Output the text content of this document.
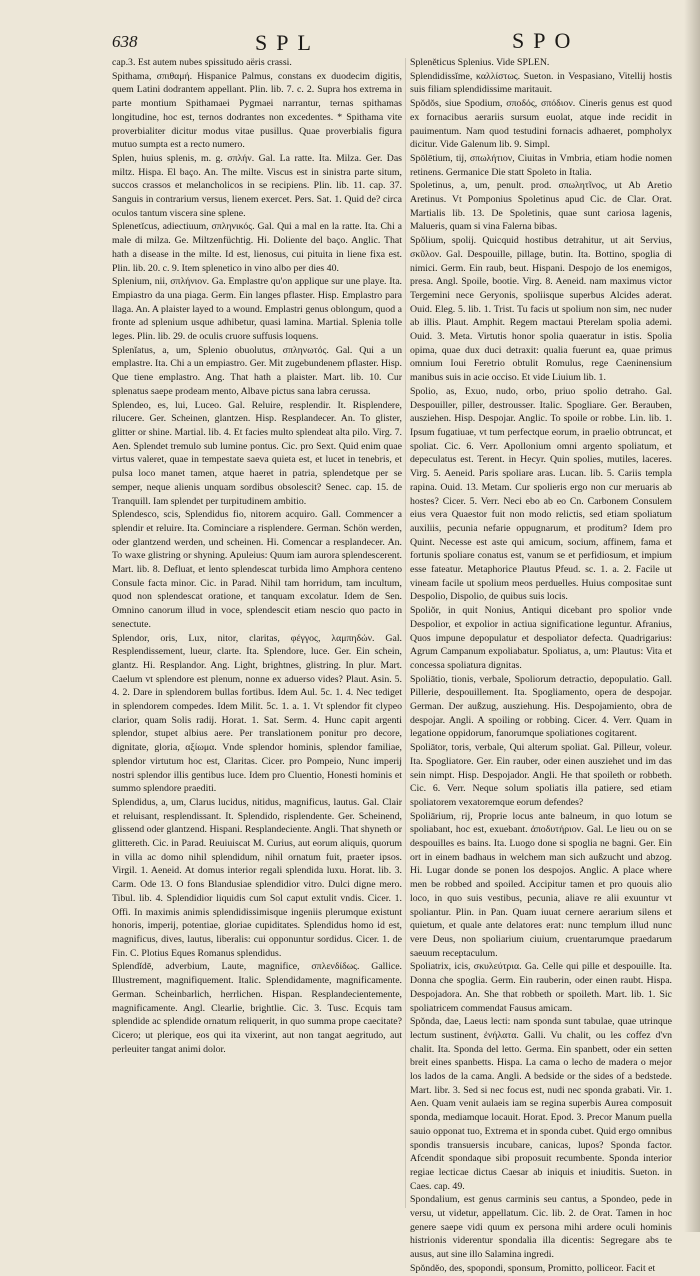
638	SPL	SPO

cap.3. Est autem nubes spissitudo aëris crassi.

Spithama, σπιθαμή. Hispanice Palmus, constans ex duodecim digitis, quem Latini dodrantem appellant. Plin. lib. 7. c. 2. Supra hos extrema in parte montium Spithamaei Pygmaei narrantur, ternas spithamas longitudine, hoc est, ternos dodrantes non excedentes. * Spithama vite proverbialiter dicitur modus vitae pusillus. Quae proverbialis figura mutuo sumpta est a recto numero.

Splen, huius splenis, m. g. σπλήν. Gal. La ratte. Ita. Milza. Ger. Das miltz. Hispa. El baço. An. The milte. Viscus est in sinistra parte situm, succos crassos et melancholicos in se recipiens. Plin. lib. 11. cap. 37. Sanguis in contrarium versus, lienem exercet. Pers. Sat. 1. Quid de? circa oculos tantum viscera sine splene.

Splenetĭcus, adiectiuum, σπληνικός. Gal. Qui a mal en la ratte. Ita. Chi a male di milza. Ge. Miltzenfüchtig. Hi. Doliente del baço. Anglic. That hath a disease in the milte. Id est, lienosus, cui pituita in liene fixa est. Plin. lib. 20. c. 9. Item splenetico in vino albo per dies 40.

Splenium, nii, σπλήνιον. Ga. Emplastre qu'on applique sur une playe. Ita. Empiastro da una piaga. Germ. Ein langes pflaster. Hisp. Emplastro para llaga. An. A plaister layed to a wound. Emplastri genus oblongum, quod a fronte ad splenium usque adhibetur, quasi lamina. Martial. Splenia tolle leges. Plin. lib. 29. de oculis cruore suffusis loquens.

Splenĭatus, a, um, Splenio obuolutus, σπληνωτός. Gal. Qui a un emplastre. Ita. Chi a un empiastro. Ger. Mit zugebundenem pflaster. Hisp. Que tiene emplastro. Ang. That hath a plaister. Mart. lib. 10. Cur splenatus saepe prodeam mento, Albave pictus sana labra cerussa.

Splendeo, es, lui, Luceo. Gal. Reluire, resplendir. It. Risplendere, rilucere. Ger. Scheinen, glantzen. Hisp. Resplandecer. An. To glister, glitter or shine. Martial. lib. 4. Et facies multo splendeat alta pilo. Virg. 7. Aen. Splendet tremulo sub lumine pontus. Cic. pro Sext. Quid enim quae virtus valeret, quae in tempestate saeva quieta est, et lucet in tenebris, et pulsa loco manet tamen, atque haeret in patria, splendetque per se semper, neque alienis unquam sordibus obsolescit? Senec. cap. 15. de Tranquill. Iam splendet per turpitudinem ambitio.

Splendesco, scis, Splendidus fio, nitorem acquiro. Gall. Commencer a splendir et reluire. Ita. Cominciare a risplendere. German. Schön werden, oder glantzend werden, und scheinen. Hi. Comencar a resplandecer. An. To waxe glistring or shyning. Apuleius: Quum iam aurora splendescerent. Mart. lib. 8. Defluat, et lento splendescat turbida limo Amphora centeno Consule facta minor. Cic. in Parad. Nihil tam horridum, tam incultum, quod non splendescat oratione, et tanquam excolatur. Idem de Sen. Omnino canorum illud in voce, splendescit etiam nescio quo pacto in senectute.

Splendor, oris, Lux, nitor, claritas, φέγγος, λαμπηδών. Gal. Resplendissement, lueur, clarte. Ita. Splendore, luce. Ger. Ein schein, glantz. Hi. Resplandor. Ang. Light, brightnes, glistring. In plur. Mart. Caelum vt splendore est plenum, nonne ex aduerso vides? Plaut. Asin. 5. 4. 2. Dare in splendorem bullas fortibus. Idem Aul. 5c. 1. 4. Nec tediget in splendorem compedes. Idem Milit. 5c. 1. a. 1. Vt splendor fit clypeo clarior, quam Solis radij. Horat. 1. Sat. Serm. 4. Hunc capit argenti splendor, stupet albius aere. Per translationem ponitur pro decore, dignitate, gloria, αξίωμα. Vnde splendor hominis, splendor familiae, splendor virtutum hoc est, Claritas. Cicer. pro Pompeio, Nunc imperij nostri splendor illis gentibus luce. Idem pro Cluentio, Honesti hominis et summo splendore praediti.

Splendidus, a, um, Clarus lucidus, nitidus, magnificus, lautus. Gal. Clair et reluisant, resplendissant. It. Splendido, risplendente. Ger. Scheinend, glissend oder glantzend. Hispani. Resplandeciente. Angli. That shyneth or glittereth. Cic. in Parad. Reuiuiscat M. Curius, aut eorum aliquis, quorum in villa ac domo nihil splendidum, nihil ornatum fuit, praeter ipsos. Virgil. 1. Aeneid. At domus interior regali splendida luxu. Horat. lib. 3. Carm. Ode 13. O fons Blandusiae splendidior vitro. Dulci digne mero. Tibul. lib. 4. Splendidior liquidis cum Sol caput extulit vndis. Cicer. 1. Offi. In maximis animis splendidissimisque ingeniis plerumque existunt honoris, imperij, potentiae, gloriae cupiditates. Splendidus homo id est, magnificus, dives, lautus, liberalis: cui opponuntur sordidus. Cicer. 1. de Fin. C. Plotius Eques Romanus splendidus.

Splendĭdē, adverbium, Laute, magnifice, σπλενδίδως. Gallice. Illustrement, magnifiquement. Italic. Splendidamente, magnificamente. German. Scheinbarlich, herrlichen. Hispan. Resplandecientemente, magnificamente. Angl. Clearlie, brightlie. Cic. 3. Tusc. Ecquis tam splendide ac splendide ornatum reliquerit, in quo summa prope caecitate? Cicero; ut plerique, eos qui ita vixerint, aut non tangat aegritudo, aut perleuiter tangat animi dolor.

Splenĕticus Splenius. Vide SPLEN.

Splendidissĭme, καλλίστως. Sueton. in Vespasiano, Vitellij hostis suis filiam splendidissime maritauit.

Spŏdŏs, siue Spodium, σποδός, σπόδιον. Cineris genus est quod ex fornacibus aerariis sursum euolat, atque inde recidit in pauimentum. Nam quod testudini fornacis adhaeret, pompholyx dicitur. Vide Galenum lib. 9. Simpl.

Spōlētium, tij, σπωλήτιον, Ciuitas in Vmbria, etiam hodie nomen retinens. Germanice Die statt Spoleto in Italia.

Spoletinus, a, um, penult. prod. σπωλητῖνος, ut Ab Aretio Aretinus. Vt Pomponius Spoletinus apud Cic. de Clar. Orat. Martialis lib. 13. De Spoletinis, quae sunt cariosa lagenis, Malueris, quam si vina Falerna bibas.

Spŏlium, spolij. Quicquid hostibus detrahitur, ut ait Servius, σκῦλον. Gal. Despouille, pillage, butin. Ita. Bottino, spoglia di nimici. Germ. Ein raub, beut. Hispani. Despojo de los enemigos, presa. Angl. Spoile, bootie. Virg. 8. Aeneid. nam maximus victor Tergemini nece Geryonis, spoliisque superbus Alcides aderat. Ouid. Eleg. 5. lib. 1. Trist. Tu facis ut spolium non sim, nec nuder ab illis. Plaut. Amphit. Regem mactaui Pterelam spolia ademi. Ouid. 3. Meta. Virtutis honor spolia quaeratur in istis. Spolia opima, quae dux duci detraxit: qualia fuerunt ea, quae primus omnium Ioui Feretrio obtulit Romulus, rege Caeninensium manibus suis in acie occiso. Et vide Liuium lib. 1.

Spolio, as, Exuo, nudo, orbo, priuo spolio detraho. Gal. Despouiller, piller, destrousser. Italic. Spogliare. Ger. Berauben, ausziehen. Hisp. Despojar. Anglic. To spoile or robbe. Lin. lib. 1. Ipsum fugatiuae, vt tum perfectque eorum, in praelio obtruncat, et spoliat. Cic. 6. Verr. Apollonium omni argento spoliatum, et depeculatus est. Terent. in Hecyr. Quin spolies, mutiles, laceres. Virg. 5. Aeneid. Paris spoliare aras. Lucan. lib. 5. Cariis templa rapina. Ouid. 13. Metam. Cur spolieris ergo non cur meruaris ab hostes? Cicer. 5. Verr. Neci ebo ab eo Cn. Carbonem Consulem eius vera Quaestor fuit non modo relictis, sed etiam spoliatum auxiliis, pecunia nefarie oppugnarum, et proditum? Idem pro Quint. Necesse est aste qui amicum, socium, affinem, fama et fortunis spoliare conatus est, vanum se et perfidiosum, et impium esse fateatur. Metaphorice Plautus Pfeud. sc. 1. a. 2. Facile ut vineam facile ut spolium meos perduelles. Huius compositae sunt Despolio, Dispolio, de quibus suis locis.

Spoliŏr, in quit Nonius, Antiqui dicebant pro spolior vnde Despolior, et expolior in actiua significatione leguntur. Afranius, Quos impune depopulatur et despoliator defecta. Quadrigarius: Agrum Campanum expoliabatur. Spoliatus, a, um: Plautus: Vita et concessa spoliatura dignitas.

Spoliātio, tionis, verbale, Spoliorum detractio, depopulatio. Gall. Pillerie, despouillement. Ita. Spogliamento, opera de despojar. German. Der außzug, ausziehung. His. Despojamiento, obra de despojar. Angli. A spoiling or robbing. Cicer. 4. Verr. Quam in legatione oppidorum, fanorumque spoliationes cogitarent.

Spoliātor, toris, verbale, Qui alterum spoliat. Gal. Pilleur, voleur. Ita. Spogliatore. Ger. Ein rauber, oder einen ausziehet und im das sein nimpt. Hisp. Despojador. Angli. He that spoileth or robbeth. Cic. 6. Verr. Neque solum spoliatis illa patiere, sed etiam spoliatorem vexatoremque eorum defendes?

Spoliārium, rij, Proprie locus ante balneum, in quo lotum se spoliabant, hoc est, exuebant. ἀποδυτήριον. Gal. Le lieu ou on se despouilles es bains. Ita. Luogo done si spoglia ne bagni. Ger. Ein ort in einem badhaus in welchem man sich außzucht und abzog. Hi. Lugar donde se ponen los despojos. Anglic. A place where men be robbed and spoiled. Accipitur tamen et pro quouis alio loco, in quo suis vestibus, pecunia, aliave re alii exuuntur vt spoliantur. Plin. in Pan. Quam iuuat cernere aerarium silens et quietum, et quale ante delatores erat: nunc templum illud nunc vere Deus, non spoliarium ciuium, cruentarumque praedarum saeuum receptaculum.

Spoliatrix, icis, σκυλεύτρια. Ga. Celle qui pille et despouille. Ita. Donna che spoglia. Germ. Ein rauberin, oder einen raubt. Hispa. Despojadora. An. She that robbeth or spoileth. Mart. lib. 1. Sic spoliatricem commendat Fausus amicam.

Spŏnda, dae, Laeus lecti: nam sponda sunt tabulae, quae utrinque lectum sustinent, ἐνήλατα. Galli. Vu chalit, ou les coffez d'vn chalit. Ita. Sponda del letto. Germa. Ein spanbett, oder ein setten breit eines spanbetts. Hispa. La cama o lecho de madera o mejor los lados de la cama. Angli. A bedside or the sides of a bedstede. Mart. libr. 3. Sed si nec focus est, nudi nec sponda grabati. Vir. 1. Aen. Quam venit aulaeis iam se regina superbis Aurea composuit sponda, mediamque locauit. Horat. Epod. 3. Precor Manum puella sauio opponat tuo, Extrema et in sponda cubet. Quid ergo omnibus spondis transuersis incubare, canicas, lupos? Sponda factor. Afcendit spondaque sibi proposuit recumbente. Sponda interior regiae lecticae dictus Caesar ab iniquis et iniuditis. Sueton. in Caes. cap. 49.

Spondalium, est genus carminis seu cantus, a Spondeo, pede in versu, ut videtur, appellatum. Cic. lib. 2. de Orat. Tamen in hoc genere saepe vidi quum ex persona mihi ardere oculi hominis histrionis viderentur spondalia illa dicentis: Segregare abs te ausus, aut sine illo Salamina ingredi.

Spŏndĕo, des, spopondi, sponsum, Promitto, polliceor. Facit et
